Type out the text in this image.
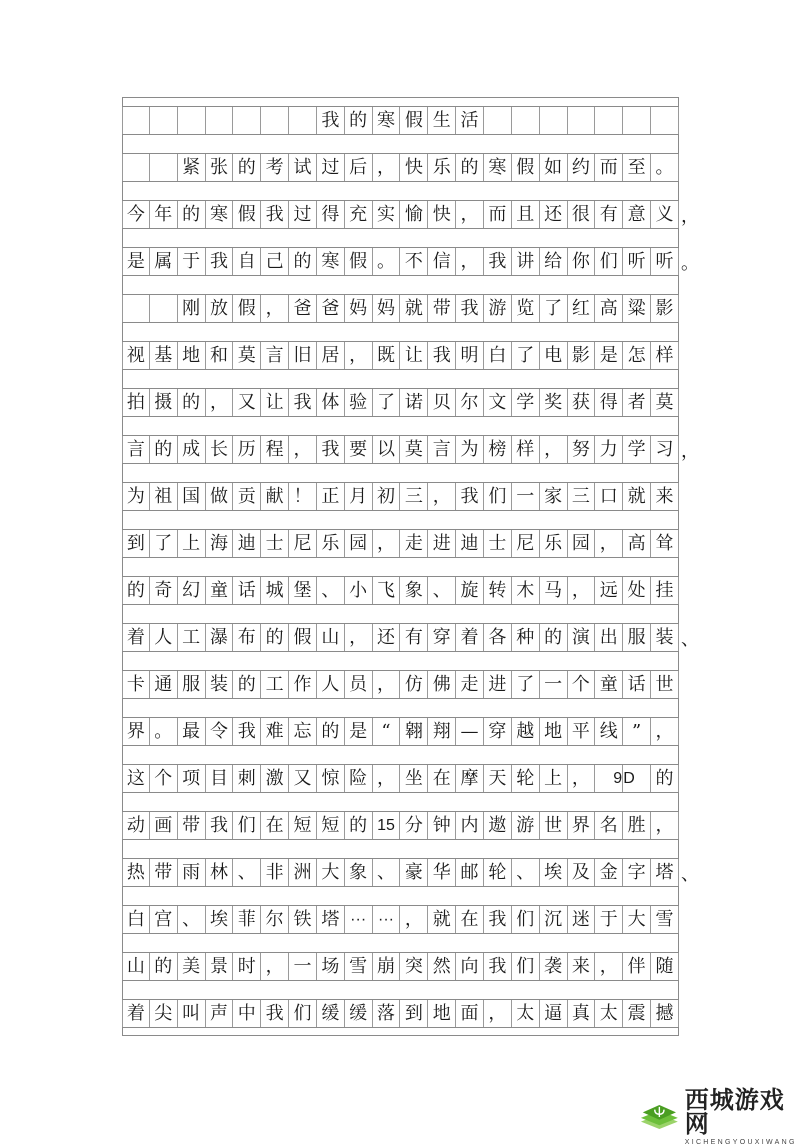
我 的 寒 假 生 活
紧 张 的 考 试 过 后 ， 快 乐 的 寒 假 如 约 而 至 。
今 年 的 寒 假 我 过 得 充 实 愉 快 ， 而 且 还 很 有 意 义 ，
是 属 于 我 自 己 的 寒 假 。 不 信 ， 我 讲 给 你 们 听 听 。
刚 放 假 ， 爸 爸 妈 妈 就 带 我 游 览 了 红 高 粱 影
视 基 地 和 莫 言 旧 居 ， 既 让 我 明 白 了 电 影 是 怎 样
拍 摄 的 ， 又 让 我 体 验 了 诺 贝 尔 文 学 奖 获 得 者 莫
言 的 成 长 历 程 ， 我 要 以 莫 言 为 榜 样 ， 努 力 学 习 ，
为 祖 国 做 贡 献 ！ 正 月 初 三 ， 我 们 一 家 三 口 就 来
到 了 上 海 迪 士 尼 乐 园 ， 走 进 迪 士 尼 乐 园 ， 高 耸
的 奇 幻 童 话 城 堡 、 小 飞 象 、 旋 转 木 马 ， 远 处 挂
着 人 工 瀑 布 的 假 山 ， 还 有 穿 着 各 种 的 演 出 服 装 、
卡 通 服 装 的 工 作 人 员 ， 仿 佛 走 进 了 一 个 童 话 世
界 。 最 令 我 难 忘 的 是 “ 翱 翔 — 穿 越 地 平 线 ” ，
这 个 项 目 刺 激 又 惊 险 ， 坐 在 摩 天 轮 上 ，	9 D	的
动 画 带 我 们 在 短 短 的 15 分 钟 内 遨 游 世 界 名 胜 ，
热 带 雨 林 、 非 洲 大 象 、 豪 华 邮 轮 、 埃 及 金 字 塔 、
白 宫 、 埃 菲 尔 铁 塔 ··· ··· ， 就 在 我 们 沉 迷 于 大 雪
山 的 美 景 时 ， 一 场 雪 崩 突 然 向 我 们 袭 来 ， 伴 随
着 尖 叫 声 中 我 们 缓 缓 落 到 地 面 ， 太 逼 真 太 震 撼
西城游戏网
XICHENGYOUXIWANG
